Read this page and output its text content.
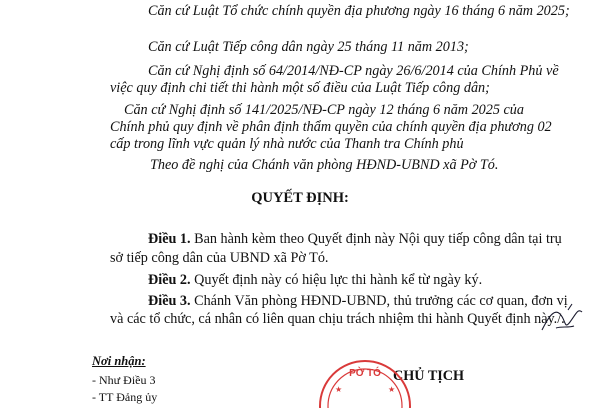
Căn cứ Luật Tổ chức chính quyền địa phương ngày 16 tháng 6 năm 2025;
Căn cứ Luật Tiếp công dân ngày 25 tháng 11 năm 2013;
Căn cứ Nghị định số 64/2014/NĐ-CP ngày 26/6/2014 của Chính Phủ về
việc quy định chi tiết thi hành một số điều của Luật Tiếp công dân;
Căn cứ Nghị định số 141/2025/NĐ-CP ngày 12 tháng 6 năm 2025 của
Chính phủ quy định về phân định thẩm quyền của chính quyền địa phương 02
cấp trong lĩnh vực quản lý nhà nước của Thanh tra Chính phủ
Theo đề nghị của Chánh văn phòng HĐND-UBND xã Pờ Tó.
QUYẾT ĐỊNH:
Điều 1. Ban hành kèm theo Quyết định này Nội quy tiếp công dân tại trụ
sở tiếp công dân của UBND xã Pờ Tó.
Điều 2. Quyết định này có hiệu lực thi hành kể từ ngày ký.
Điều 3. Chánh Văn phòng HĐND-UBND, thủ trưởng các cơ quan, đơn vị
và các tổ chức, cá nhân có liên quan chịu trách nhiệm thi hành Quyết định này./.
Nơi nhận:
- Như Điều 3
- TT Đảng ủy
CHỦ TỊCH
PỜ TÓ
★	★
